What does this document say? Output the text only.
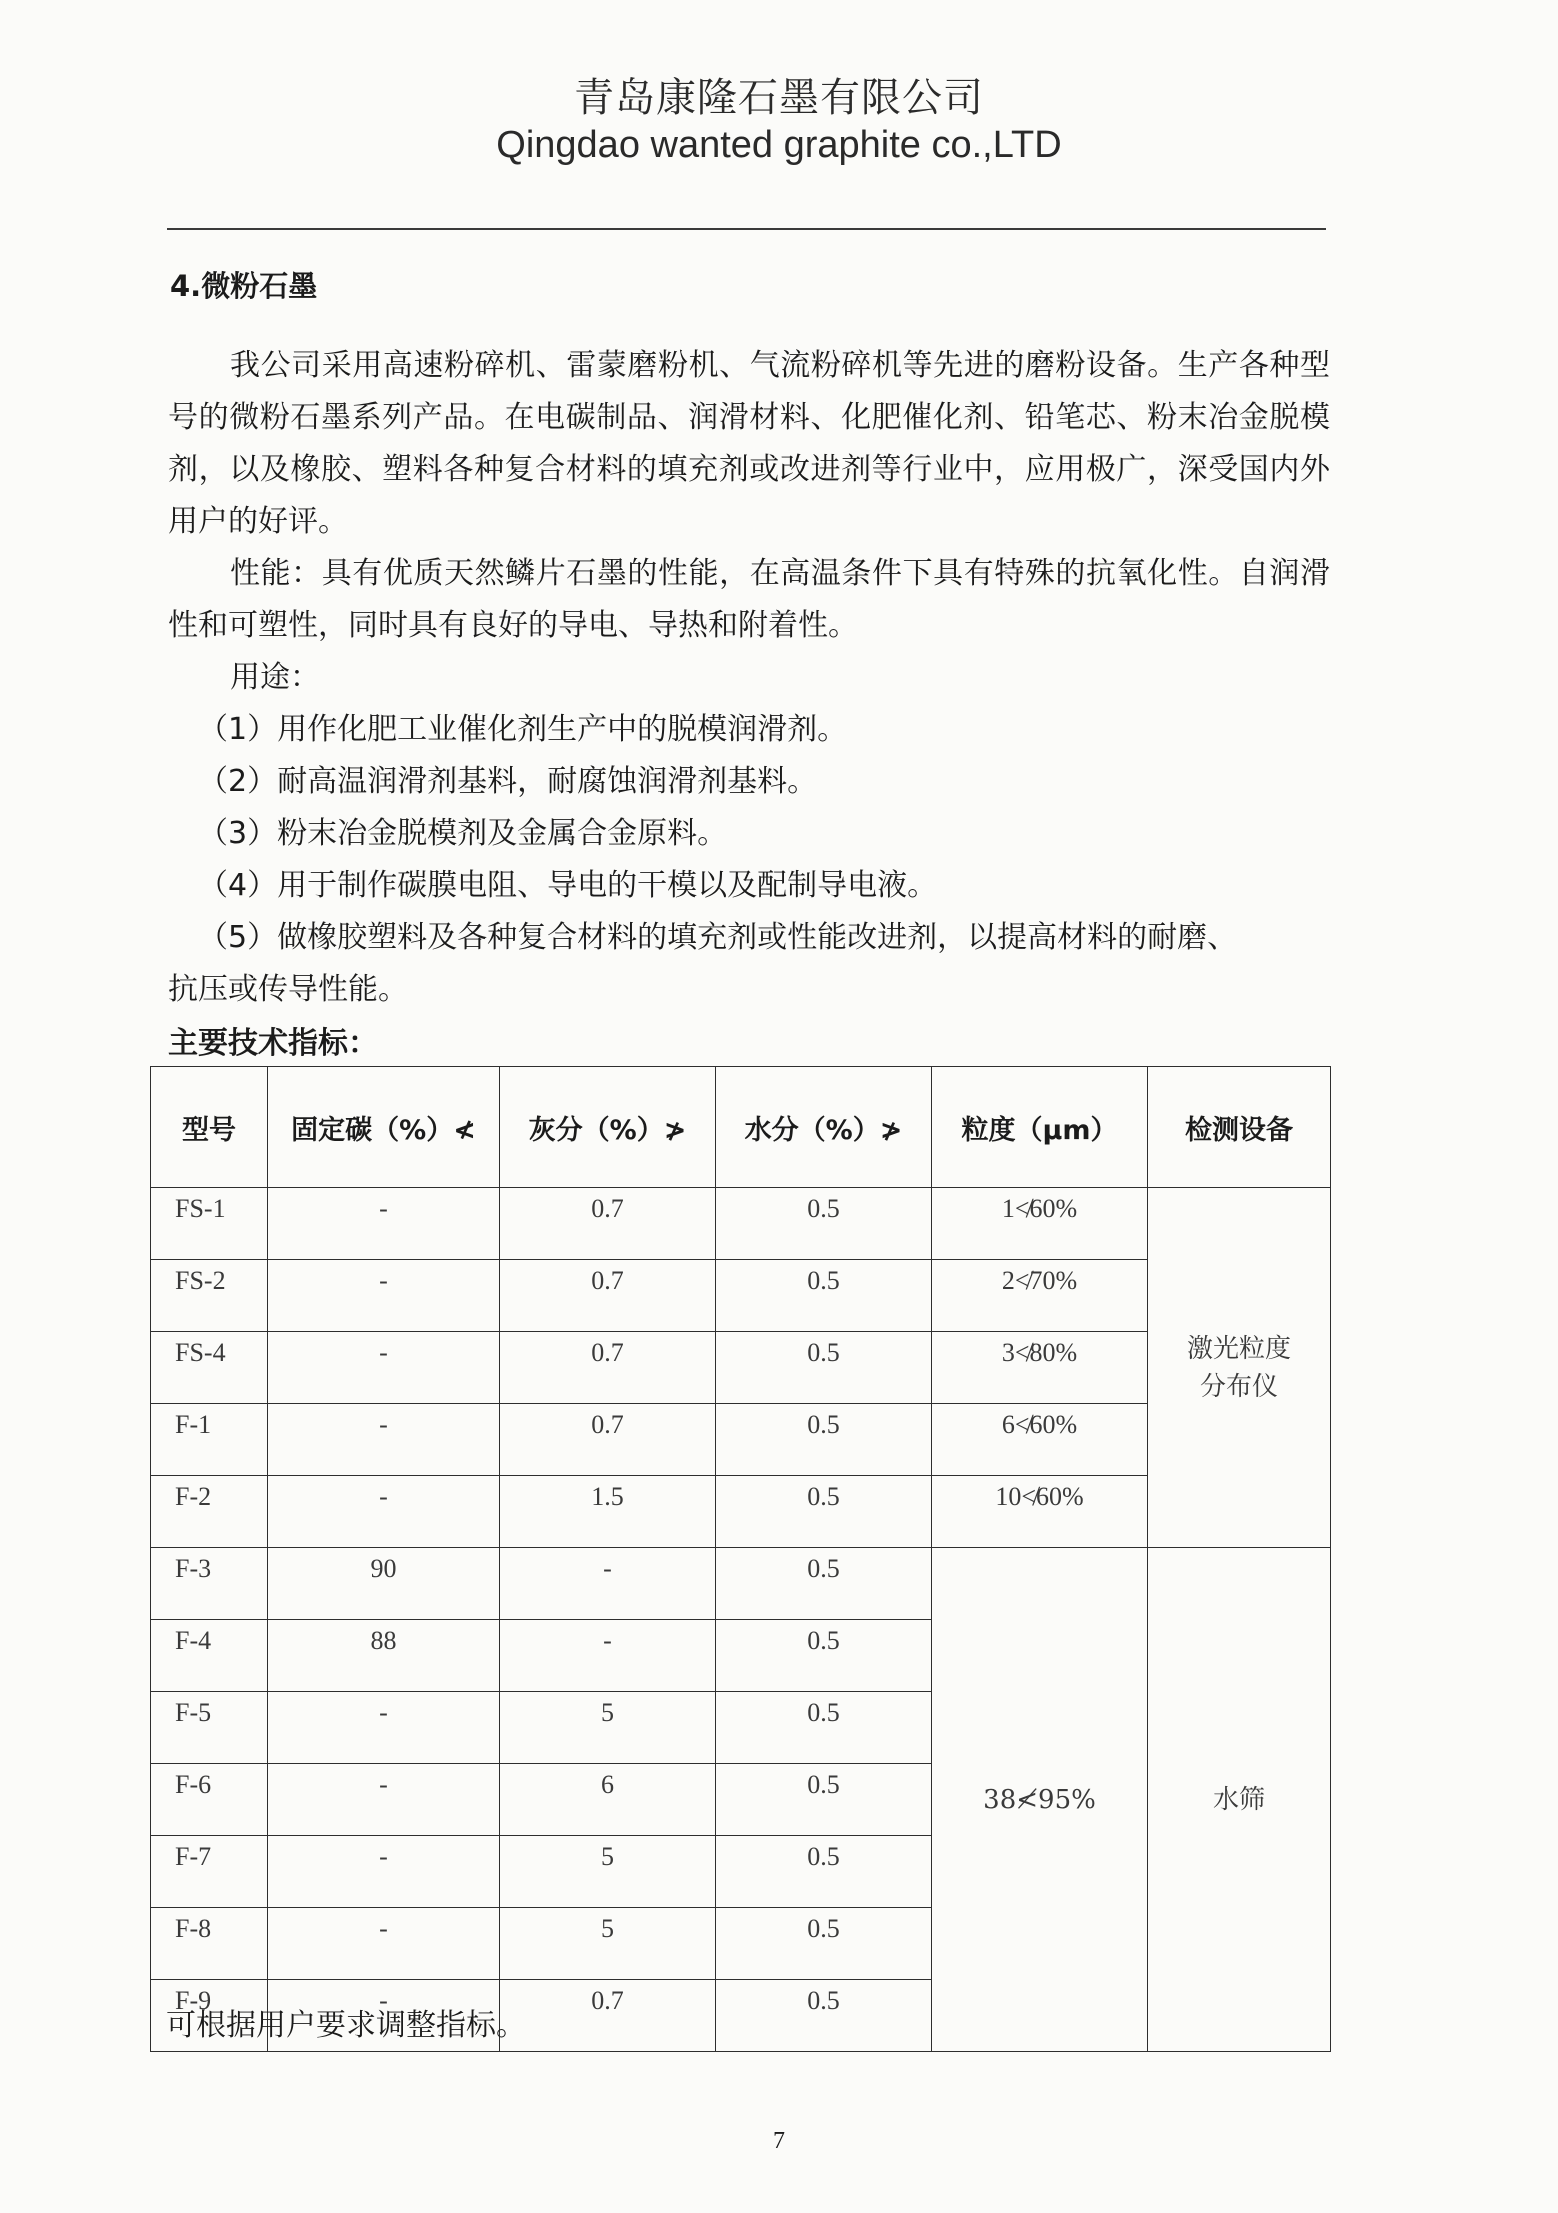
青岛康隆石墨有限公司
Qingdao wanted graphite co.,LTD
4.微粉石墨

我公司采用高速粉碎机、雷蒙磨粉机、气流粉碎机等先进的磨粉设备。生产各种型号的微粉石墨系列产品。在电碳制品、润滑材料、化肥催化剂、铅笔芯、粉末冶金脱模剂，以及橡胶、塑料各种复合材料的填充剂或改进剂等行业中，应用极广，深受国内外用户的好评。

性能：具有优质天然鳞片石墨的性能，在高温条件下具有特殊的抗氧化性。自润滑性和可塑性，同时具有良好的导电、导热和附着性。

用途：

（1）用作化肥工业催化剂生产中的脱模润滑剂。

（2）耐高温润滑剂基料，耐腐蚀润滑剂基料。

（3）粉末冶金脱模剂及金属合金原料。

（4）用于制作碳膜电阻、导电的干模以及配制导电液。

（5）做橡胶塑料及各种复合材料的填充剂或性能改进剂，以提高材料的耐磨、

抗压或传导性能。

主要技术指标：
型号	固定碳（%）≮	灰分（%）≯	水分（%）≯	粒度（μm）	检测设备
FS-1	-	0.7	0.5	1≮60%	激光粒度
分布仪
FS-2	-	0.7	0.5	2≮70%	
FS-4	-	0.7	0.5	3≮80%	
F-1	-	0.7	0.5	6≮60%	
F-2	-	1.5	0.5	10≮60%	
F-3	90	-	0.5	38≮95%	水筛
F-4	88	-	0.5		
F-5	-	5	0.5		
F-6	-	6	0.5		
F-7	-	5	0.5		
F-8	-	5	0.5		
F-9	-	0.7	0.5		
可根据用户要求调整指标。
7
